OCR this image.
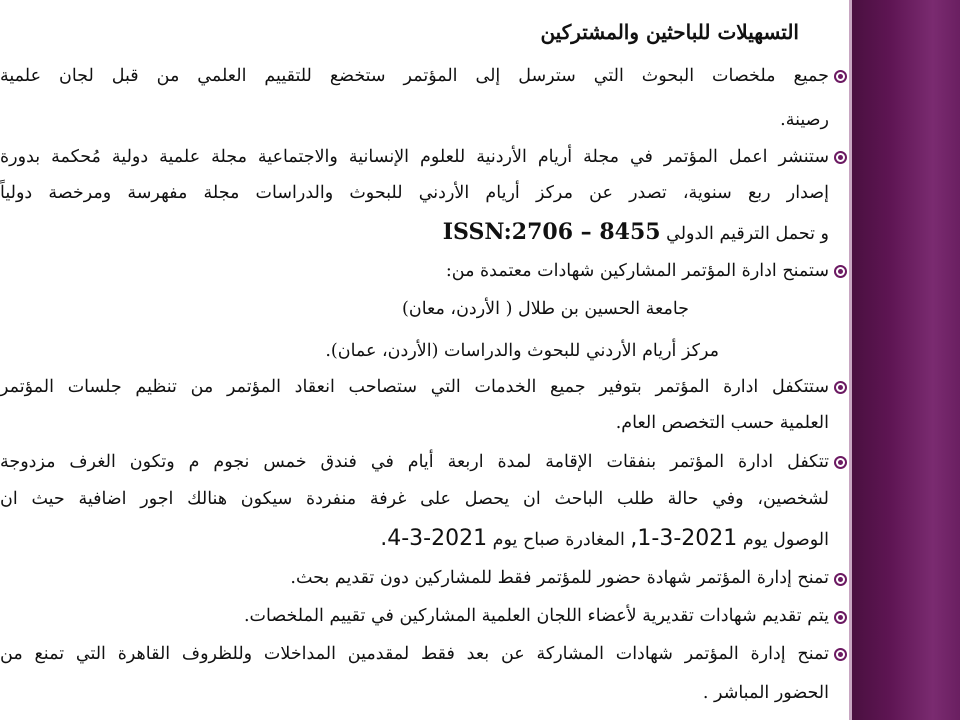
التسهيلات للباحثين والمشتركين
جميع ملخصات البحوث التي سترسل إلى المؤتمر ستخضع للتقييم العلمي من قبل لجان علمية
رصينة.
ستنشر اعمل المؤتمر في مجلة أريام الأردنية للعلوم الإنسانية والاجتماعية مجلة علمية دولية مُحكمة بدورة
إصدار ربع سنوية، تصدر عن مركز أريام الأردني للبحوث والدراسات مجلة مفهرسة ومرخصة دولياً
و تحمل الترقيم الدولي ISSN:2706 – 8455
ستمنح ادارة المؤتمر المشاركين شهادات معتمدة من:
جامعة الحسين بن طلال ( الأردن، معان)
مركز أريام الأردني للبحوث والدراسات (الأردن، عمان).
ستتكفل ادارة المؤتمر بتوفير جميع الخدمات التي ستصاحب انعقاد المؤتمر من تنظيم جلسات المؤتمر
العلمية حسب التخصص العام.
تتكفل ادارة المؤتمر بنفقات الإقامة لمدة اربعة أيام في فندق خمس نجوم م وتكون الغرف مزدوجة
لشخصين، وفي حالة طلب الباحث ان يحصل على غرفة منفردة سيكون هنالك اجور اضافية حيث ان
الوصول يوم 1-3-2021, المغادرة صباح يوم 4-3-2021.
تمنح إدارة المؤتمر شهادة حضور للمؤتمر فقط للمشاركين دون تقديم بحث.
يتم تقديم شهادات تقديرية لأعضاء اللجان العلمية المشاركين في تقييم الملخصات.
تمنح إدارة المؤتمر شهادات المشاركة عن بعد فقط لمقدمين المداخلات وللظروف القاهرة التي تمنع من
الحضور المباشر .
